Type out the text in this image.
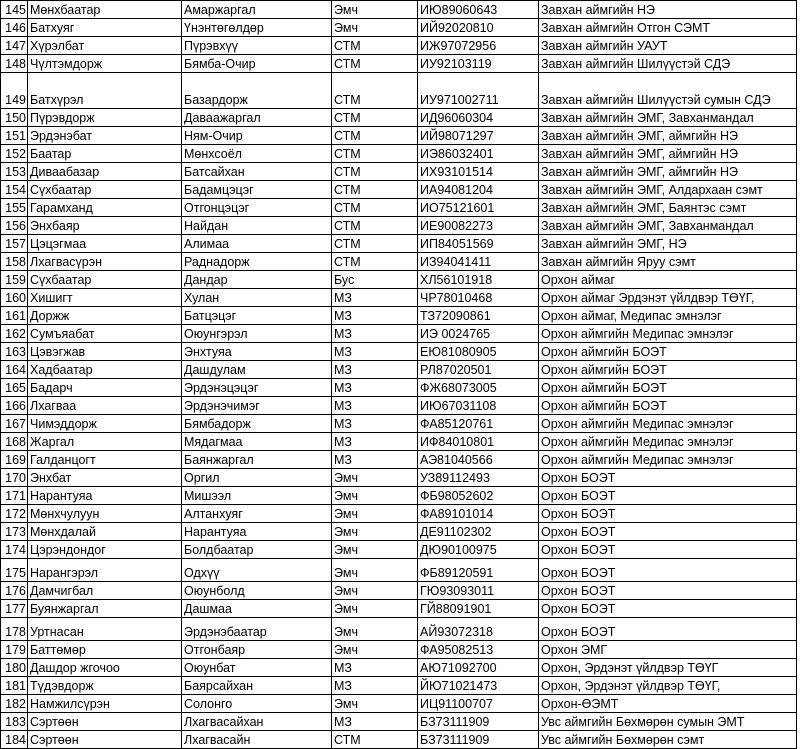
145	Мөнхбаатар	Амаржаргал	Эмч	ИЮ89060643	Завхан аймгийн НЭ
146	Батхуяг	Үнэнтөгөлдөр	Эмч	ИЙ92020810	Завхан аймгийн Отгон СЭМТ
147	Хүрэлбат	Пүрэвхүү	СТМ	ИЖ97072956	Завхан аймгийн УАУТ
148	Чүлтэмдорж	Бямба-Очир	СТМ	ИУ92103119	Завхан аймгийн Шилүүстэй СДЭ
149	Батхүрэл	Базардорж	СТМ	ИУ971002711	Завхан аймгийн Шилүүстэй сумын СДЭ
150	Пүрэвдорж	Даваажаргал	СТМ	ИД96060304	Завхан аймгийн ЭМГ, Завханмандал
151	Эрдэнэбат	Ням-Очир	СТМ	ИЙ98071297	Завхан аймгийн ЭМГ, аймгийн НЭ
152	Баатар	Мөнхсоёл	СТМ	ИЭ86032401	Завхан аймгийн ЭМГ, аймгийн НЭ
153	Диваабазар	Батсайхан	СТМ	ИХ93101514	Завхан аймгийн ЭМГ, аймгийн НЭ
154	Сүхбаатар	Бадамцэцэг	СТМ	ИА94081204	Завхан аймгийн ЭМГ, Алдархаан сэмт
155	Гарамханд	Отгонцэцэг	СТМ	ИО75121601	Завхан аймгийн ЭМГ, Баянтэс сэмт
156	Энхбаяр	Найдан	СТМ	ИЕ90082273	Завхан аймгийн ЭМГ, Завханмандал
157	Цэцэгмаа	Алимаа	СТМ	ИП84051569	Завхан аймгийн ЭМГ, НЭ
158	Лхагвасүрэн	Раднадорж	СТМ	ИЗ94041411	Завхан аймгийн Яруу сэмт
159	Сүхбаатар	Дандар	Бус	ХЛ56101918	Орхон аймаг
160	Хишигт	Хулан	МЗ	ЧР78010468	Орхон аймаг Эрдэнэт үйлдвэр ТӨҮГ,
161	Доржж	Батцэцэг	МЗ	ТЗ72090861	Орхон аймаг, Медипас эмнэлэг
162	Сумъяабат	Оюунгэрэл	МЗ	ИЭ 0024765	Орхон аймгийн Медипас эмнэлэг
163	Цэвэгжав	Энхтуяа	МЗ	ЕЮ81080905	Орхон аймгийн БОЭТ
164	Хадбаатар	Дашдулам	МЗ	РЛ87020501	Орхон аймгийн БОЭТ
165	Бадарч	Эрдэнэцэцэг	МЗ	ФЖ68073005	Орхон аймгийн БОЭТ
166	Лхагваа	Эрдэнэчимэг	МЗ	ИЮ67031108	Орхон аймгийн БОЭТ
167	Чимэддорж	Бямбадорж	МЗ	ФА85120761	Орхон аймгийн Медипас эмнэлэг
168	Жаргал	Мядагмаа	МЗ	ИФ84010801	Орхон аймгийн Медипас эмнэлэг
169	Галданцогт	Баянжаргал	МЗ	АЭ81040566	Орхон аймгийн Медипас эмнэлэг
170	Энхбат	Оргил	Эмч	УЗ89112493	Орхон БОЭТ
171	Нарантуяа	Мишээл	Эмч	ФБ98052602	Орхон БОЭТ
172	Мөнхчулуун	Алтанхуяг	Эмч	ФА89101014	Орхон БОЭТ
173	Мөнхдалай	Нарантуяа	Эмч	ДЕ91102302	Орхон БОЭТ
174	Цэрэндондог	Болдбаатар	Эмч	ДЮ90100975	Орхон БОЭТ
175	Нарангэрэл	Одхүү	Эмч	ФБ89120591	Орхон БОЭТ
176	Дамчигбал	Оюунболд	Эмч	ГЮ93093011	Орхон БОЭТ
177	Буянжаргал	Дашмаа	Эмч	ГЙ88091901	Орхон БОЭТ
178	Уртнасан	Эрдэнэбаатар	Эмч	АЙ93072318	Орхон БОЭТ
179	Баттөмөр	Отгонбаяр	Эмч	ФА95082513	Орхон ЭМГ
180	Дашдор жгочоо	Оюунбат	МЗ	АЮ71092700	Орхон, Эрдэнэт үйлдвэр ТӨҮГ
181	Түдэвдорж	Баярсайхан	МЗ	ЙЮ71021473	Орхон, Эрдэнэт үйлдвэр ТӨҮГ,
182	Намжилсүрэн	Солонго	Эмч	ИЦ91100707	Орхон-ӨЭМТ
183	Сэртөөн	Лхагвасайхан	МЗ	БЗ73111909	Увс аймгийн Бөхмөрөн сумын ЭМТ
184	Сэртөөн	Лхагвасайн	СТМ	БЗ73111909	Увс аймгийн Бөхмөрөн сэмт
